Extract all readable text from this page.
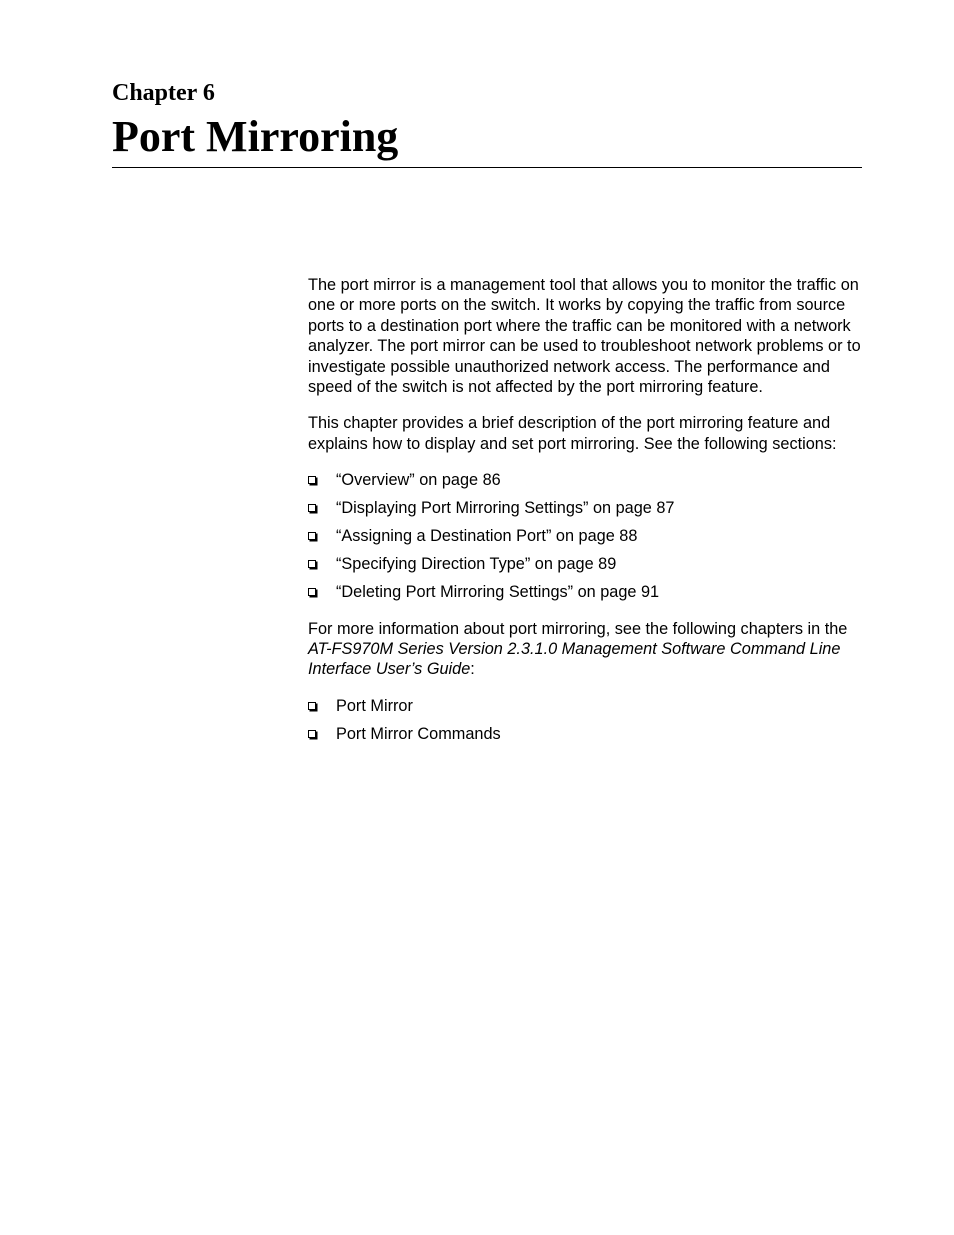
Chapter 6
Port Mirroring

The port mirror is a management tool that allows you to monitor the traffic on one or more ports on the switch. It works by copying the traffic from source ports to a destination port where the traffic can be monitored with a network analyzer. The port mirror can be used to troubleshoot network problems or to investigate possible unauthorized network access. The performance and speed of the switch is not affected by the port mirroring feature.

This chapter provides a brief description of the port mirroring feature and explains how to display and set port mirroring. See the following sections:

“Overview” on page 86
“Displaying Port Mirroring Settings” on page 87
“Assigning a Destination Port” on page 88
“Specifying Direction Type” on page 89
“Deleting Port Mirroring Settings” on page 91

For more information about port mirroring, see the following chapters in the AT-FS970M Series Version 2.3.1.0 Management Software Command Line Interface User’s Guide:

Port Mirror
Port Mirror Commands
